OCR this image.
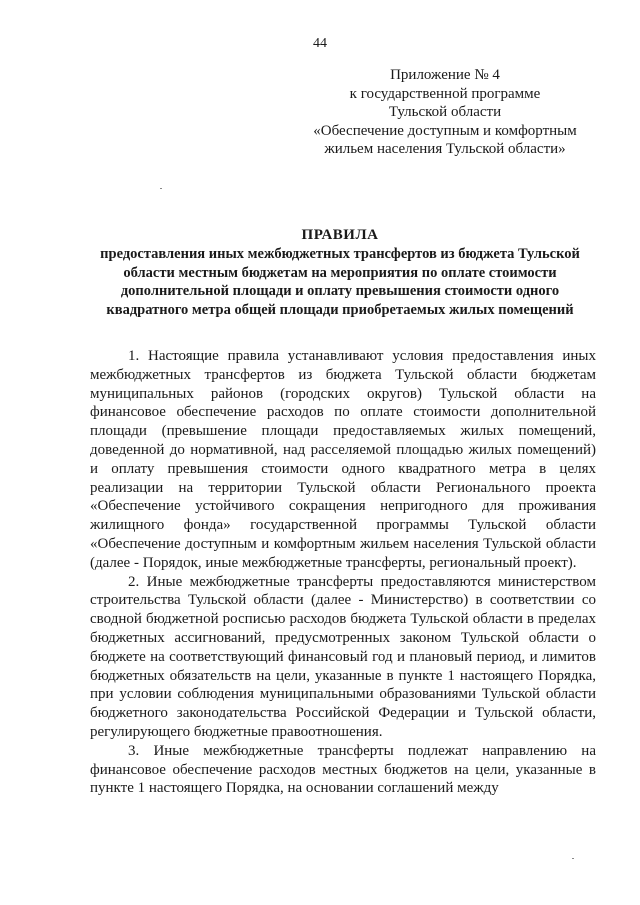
44
Приложение № 4
к государственной программе
Тульской области
«Обеспечение доступным и комфортным
жильем населения Тульской области»
ПРАВИЛА
предоставления иных межбюджетных трансфертов из бюджета Тульской области местным бюджетам на мероприятия по оплате стоимости дополнительной площади и оплату превышения стоимости одного квадратного метра общей площади приобретаемых жилых помещений

1. Настоящие правила устанавливают условия предоставления иных межбюджетных трансфертов из бюджета Тульской области бюджетам муниципальных районов (городских округов) Тульской области на финансовое обеспечение расходов по оплате стоимости дополнительной площади (превышение площади предоставляемых жилых помещений, доведенной до нормативной, над расселяемой площадью жилых помещений) и оплату превышения стоимости одного квадратного метра в целях реализации на территории Тульской области Регионального проекта «Обеспечение устойчивого сокращения непригодного для проживания жилищного фонда» государственной программы Тульской области «Обеспечение доступным и комфортным жильем населения Тульской области (далее - Порядок, иные межбюджетные трансферты, региональный проект).

2. Иные межбюджетные трансферты предоставляются министерством строительства Тульской области (далее - Министерство) в соответствии со сводной бюджетной росписью расходов бюджета Тульской области в пределах бюджетных ассигнований, предусмотренных законом Тульской области о бюджете на соответствующий финансовый год и плановый период, и лимитов бюджетных обязательств на цели, указанные в пункте 1 настоящего Порядка, при условии соблюдения муниципальными образованиями Тульской области бюджетного законодательства Российской Федерации и Тульской области, регулирующего бюджетные правоотношения.

3. Иные межбюджетные трансферты подлежат направлению на финансовое обеспечение расходов местных бюджетов на цели, указанные в пункте 1 настоящего Порядка, на основании соглашений между
